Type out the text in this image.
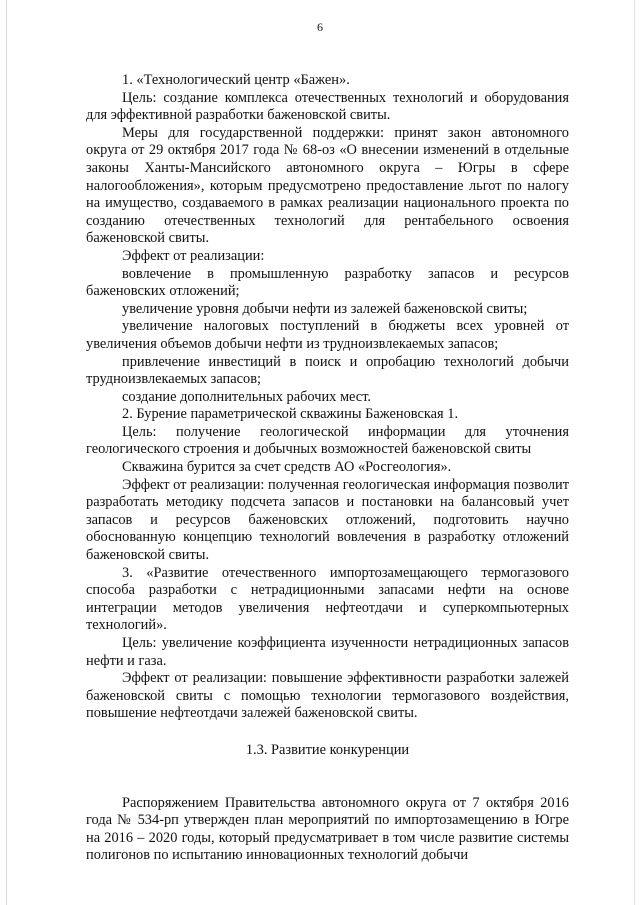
6

1. «Технологический центр «Бажен».

Цель: создание комплекса отечественных технологий и оборудования для эффективной разработки баженовской свиты.

Меры для государственной поддержки: принят закон автономного округа от 29 октября 2017 года № 68-оз «О внесении изменений в отдельные законы Ханты-Мансийского автономного округа – Югры в сфере налогообложения», которым предусмотрено предоставление льгот по налогу на имущество, создаваемого в рамках реализации национального проекта по созданию отечественных технологий для рентабельного освоения баженовской свиты.

Эффект от реализации:

вовлечение в промышленную разработку запасов и ресурсов баженовских отложений;

увеличение уровня добычи нефти из залежей баженовской свиты;

увеличение налоговых поступлений в бюджеты всех уровней от увеличения объемов добычи нефти из трудноизвлекаемых запасов;

привлечение инвестиций в поиск и опробацию технологий добычи трудноизвлекаемых запасов;

создание дополнительных рабочих мест.

2. Бурение параметрической скважины Баженовская 1.

Цель: получение геологической информации для уточнения геологического строения и добычных возможностей баженовской свиты

Скважина бурится за счет средств АО «Росгеология».

Эффект от реализации: полученная геологическая информация позволит разработать методику подсчета запасов и постановки на балансовый учет запасов и ресурсов баженовских отложений, подготовить научно обоснованную концепцию технологий вовлечения в разработку отложений баженовской свиты.

3. «Развитие отечественного импортозамещающего термогазового способа разработки с нетрадиционными запасами нефти на основе интеграции методов увеличения нефтеотдачи и суперкомпьютерных технологий».

Цель: увеличение коэффициента изученности нетрадиционных запасов нефти и газа.

Эффект от реализации: повышение эффективности разработки залежей баженовской свиты с помощью технологии термогазового воздействия, повышение нефтеотдачи залежей баженовской свиты.

1.3. Развитие конкуренции

Распоряжением Правительства автономного округа от 7 октября 2016 года № 534-рп утвержден план мероприятий по импортозамещению в Югре на 2016 – 2020 годы, который предусматривает в том числе развитие системы полигонов по испытанию инновационных технологий добычи
